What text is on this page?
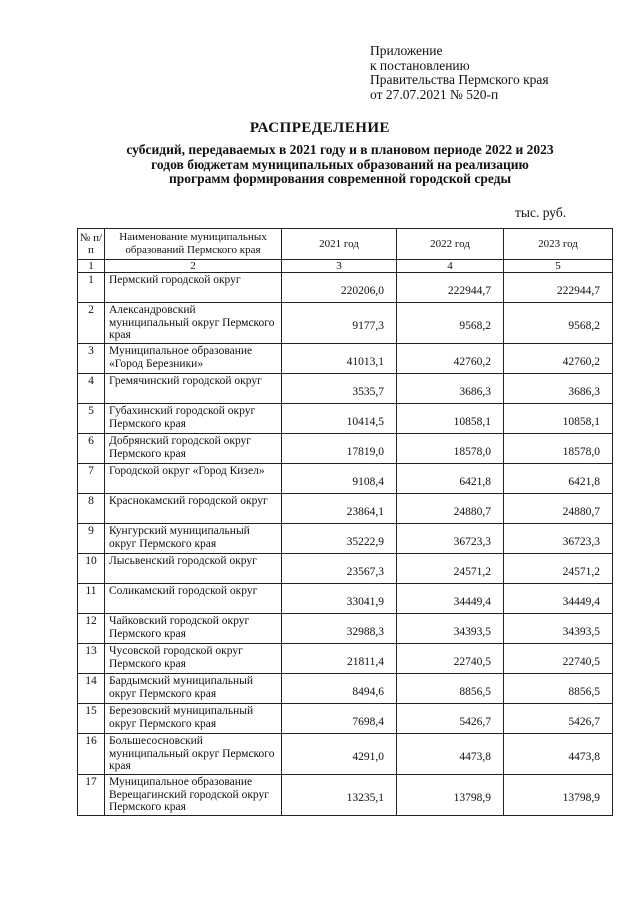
Приложение
к постановлению
Правительства Пермского края
от 27.07.2021 № 520-п
РАСПРЕДЕЛЕНИЕ
субсидий, передаваемых в 2021 году и в плановом периоде 2022 и 2023 годов бюджетам муниципальных образований на реализацию программ формирования современной городской среды
тыс. руб.
№ п/п	Наименование муниципальных образований Пермского края	2021 год	2022 год	2023 год
1	2	3	4	5
1	Пермский городской округ	220206,0	222944,7	222944,7
2	Александровский муниципальный округ Пермского края	9177,3	9568,2	9568,2
3	Муниципальное образование «Город Березники»	41013,1	42760,2	42760,2
4	Гремячинский городской округ	3535,7	3686,3	3686,3
5	Губахинский городской округ Пермского края	10414,5	10858,1	10858,1
6	Добрянский городской округ Пермского края	17819,0	18578,0	18578,0
7	Городской округ «Город Кизел»	9108,4	6421,8	6421,8
8	Краснокамский городской округ	23864,1	24880,7	24880,7
9	Кунгурский муниципальный округ Пермского края	35222,9	36723,3	36723,3
10	Лысьвенский городской округ	23567,3	24571,2	24571,2
11	Соликамский городской округ	33041,9	34449,4	34449,4
12	Чайковский городской округ Пермского края	32988,3	34393,5	34393,5
13	Чусовской городской округ Пермского края	21811,4	22740,5	22740,5
14	Бардымский муниципальный округ Пермского края	8494,6	8856,5	8856,5
15	Березовский муниципальный округ Пермского края	7698,4	5426,7	5426,7
16	Большесосновский муниципальный округ Пермского края	4291,0	4473,8	4473,8
17	Муниципальное образование Верещагинский городской округ Пермского края	13235,1	13798,9	13798,9
